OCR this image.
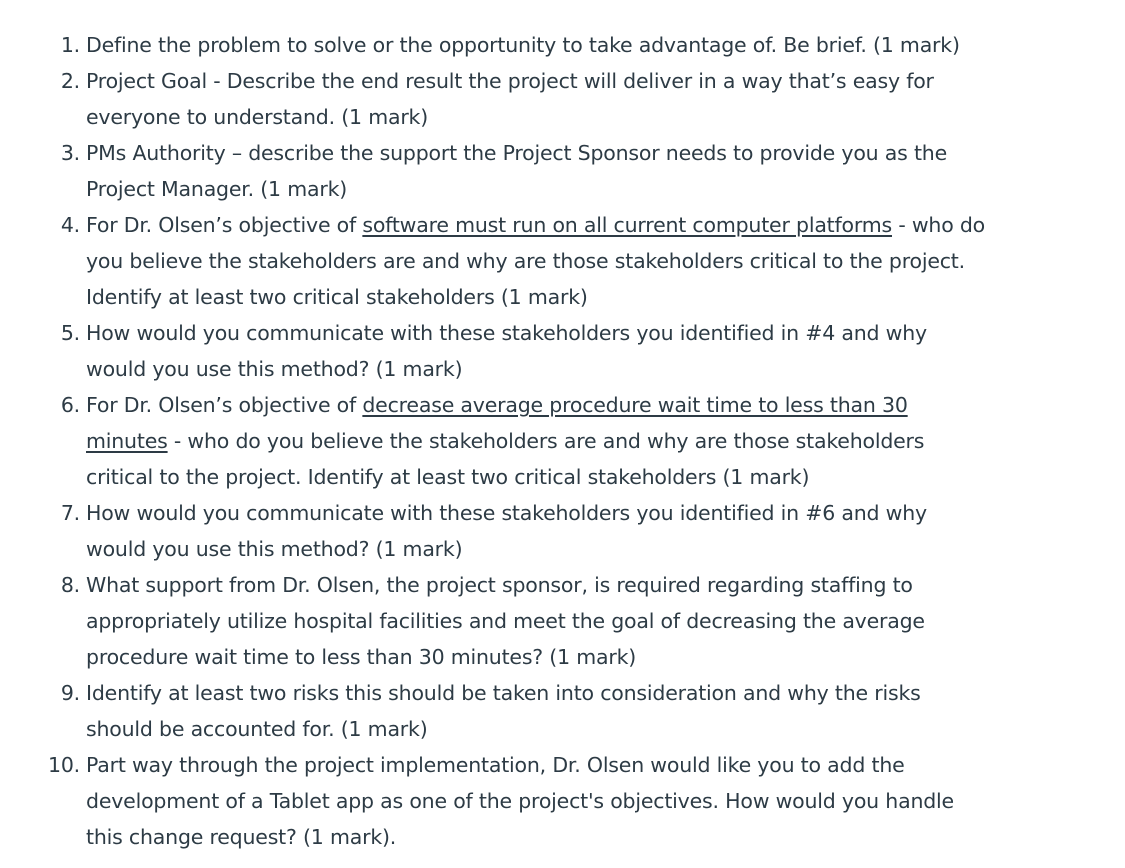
1. Define the problem to solve or the opportunity to take advantage of. Be brief. (1 mark)
2. Project Goal - Describe the end result the project will deliver in a way that’s easy for
everyone to understand. (1 mark)
3. PMs Authority – describe the support the Project Sponsor needs to provide you as the
Project Manager. (1 mark)
4. For Dr. Olsen’s objective of software must run on all current computer platforms - who do
you believe the stakeholders are and why are those stakeholders critical to the project.
Identify at least two critical stakeholders (1 mark)
5. How would you communicate with these stakeholders you identified in #4 and why
would you use this method? (1 mark)
6. For Dr. Olsen’s objective of decrease average procedure wait time to less than 30
minutes - who do you believe the stakeholders are and why are those stakeholders
critical to the project. Identify at least two critical stakeholders (1 mark)
7. How would you communicate with these stakeholders you identified in #6 and why
would you use this method? (1 mark)
8. What support from Dr. Olsen, the project sponsor, is required regarding staffing to
appropriately utilize hospital facilities and meet the goal of decreasing the average
procedure wait time to less than 30 minutes? (1 mark)
9. Identify at least two risks this should be taken into consideration and why the risks
should be accounted for. (1 mark)
10. Part way through the project implementation, Dr. Olsen would like you to add the
development of a Tablet app as one of the project's objectives. How would you handle
this change request? (1 mark).
